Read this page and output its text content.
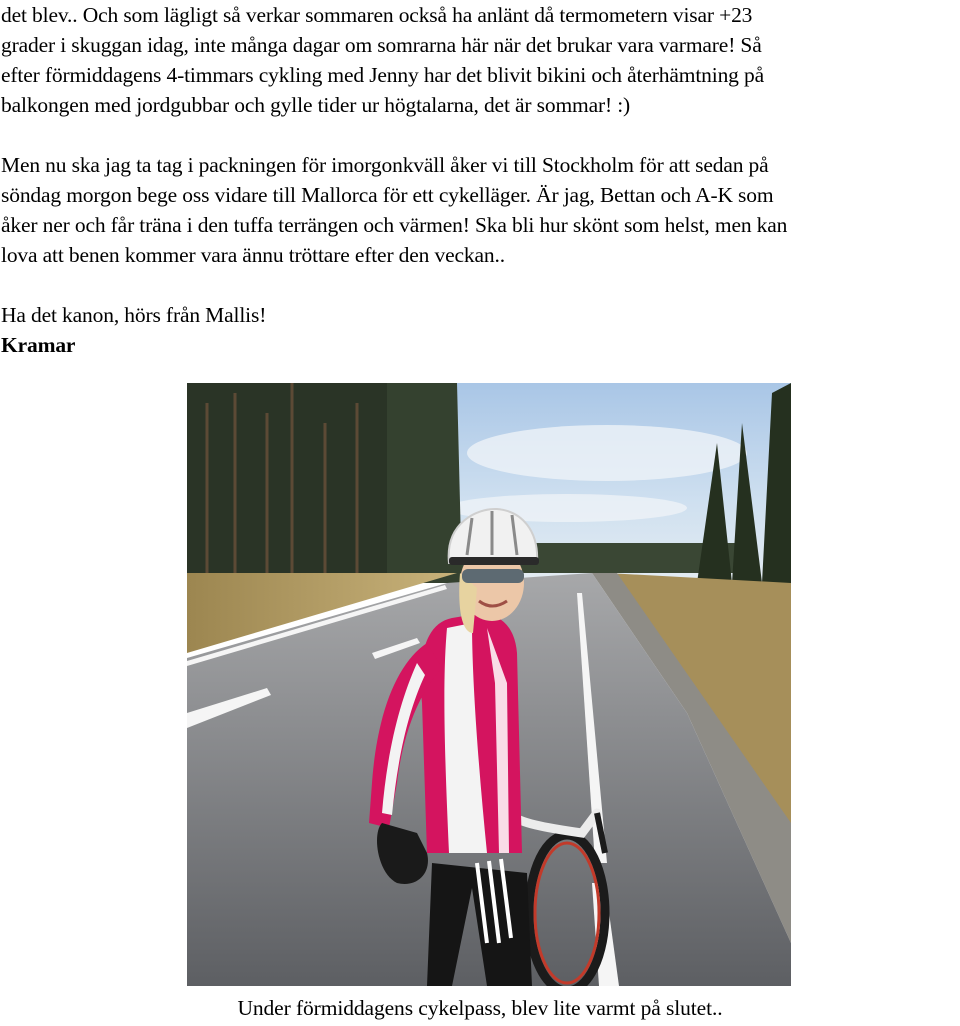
det blev.. Och som lägligt så verkar sommaren också ha anlänt då termometern visar +23

grader i skuggan idag, inte många dagar om somrarna här när det brukar vara varmare! Så

efter förmiddagens 4-timmars cykling med Jenny har det blivit bikini och återhämtning på

balkongen med jordgubbar och gylle tider ur högtalarna, det är sommar! :)

Men nu ska jag ta tag i packningen för imorgonkväll åker vi till Stockholm för att sedan på

söndag morgon bege oss vidare till Mallorca för ett cykelläger. Är jag, Bettan och A-K som

åker ner och får träna i den tuffa terrängen och värmen! Ska bli hur skönt som helst, men kan

lova att benen kommer vara ännu tröttare efter den veckan..

Ha det kanon, hörs från Mallis!

Kramar

Under förmiddagens cykelpass, blev lite varmt på slutet..
